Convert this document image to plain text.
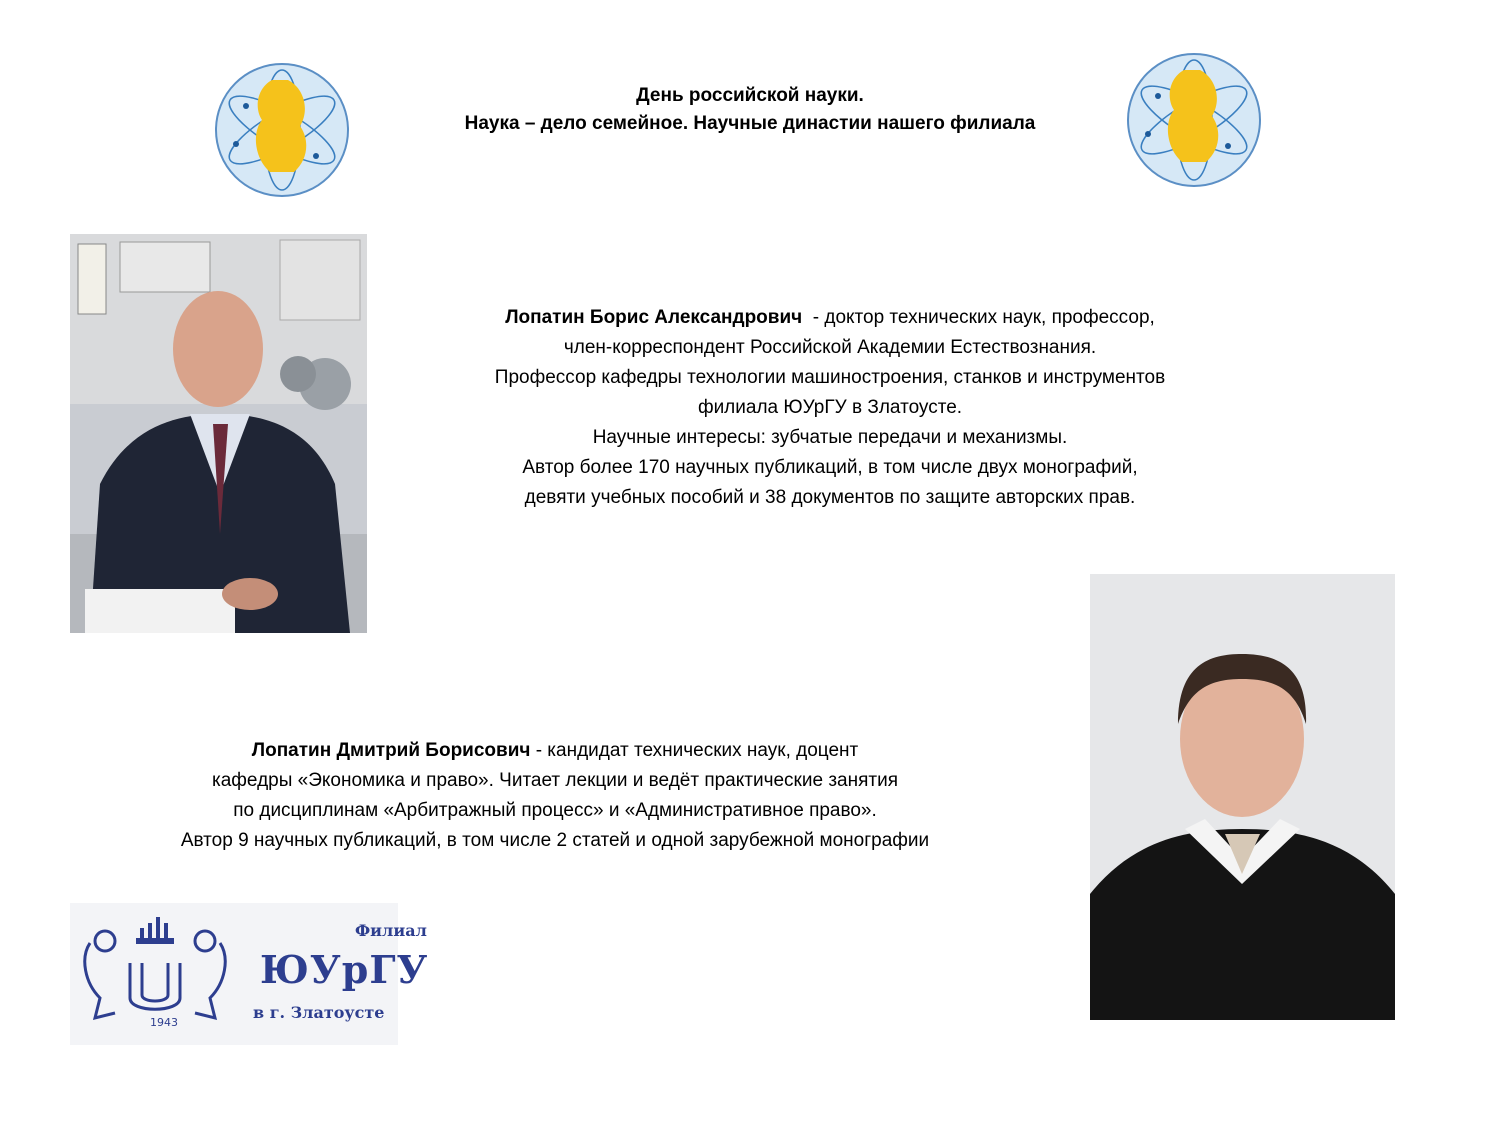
День российской науки.
Наука – дело семейное. Научные династии нашего филиала
Лопатин Борис Александрович  - доктор технических наук, профессор,
член-корреспондент Российской Академии Естествознания.
Профессор кафедры технологии машиностроения, станков и инструментов
филиала ЮУрГУ в Златоусте.
Научные интересы: зубчатые передачи и механизмы.
Автор более 170 научных публикаций, в том числе двух монографий,
девяти учебных пособий и 38 документов по защите авторских прав.
Лопатин Дмитрий Борисович - кандидат технических наук, доцент
кафедры «Экономика и право». Читает лекции и ведёт практические занятия
по дисциплинам «Арбитражный процесс» и «Административное право».
Автор 9 научных публикаций, в том числе 2 статей и одной зарубежной монографии
1943
Филиал
ЮУрГУ
в г. Златоусте
